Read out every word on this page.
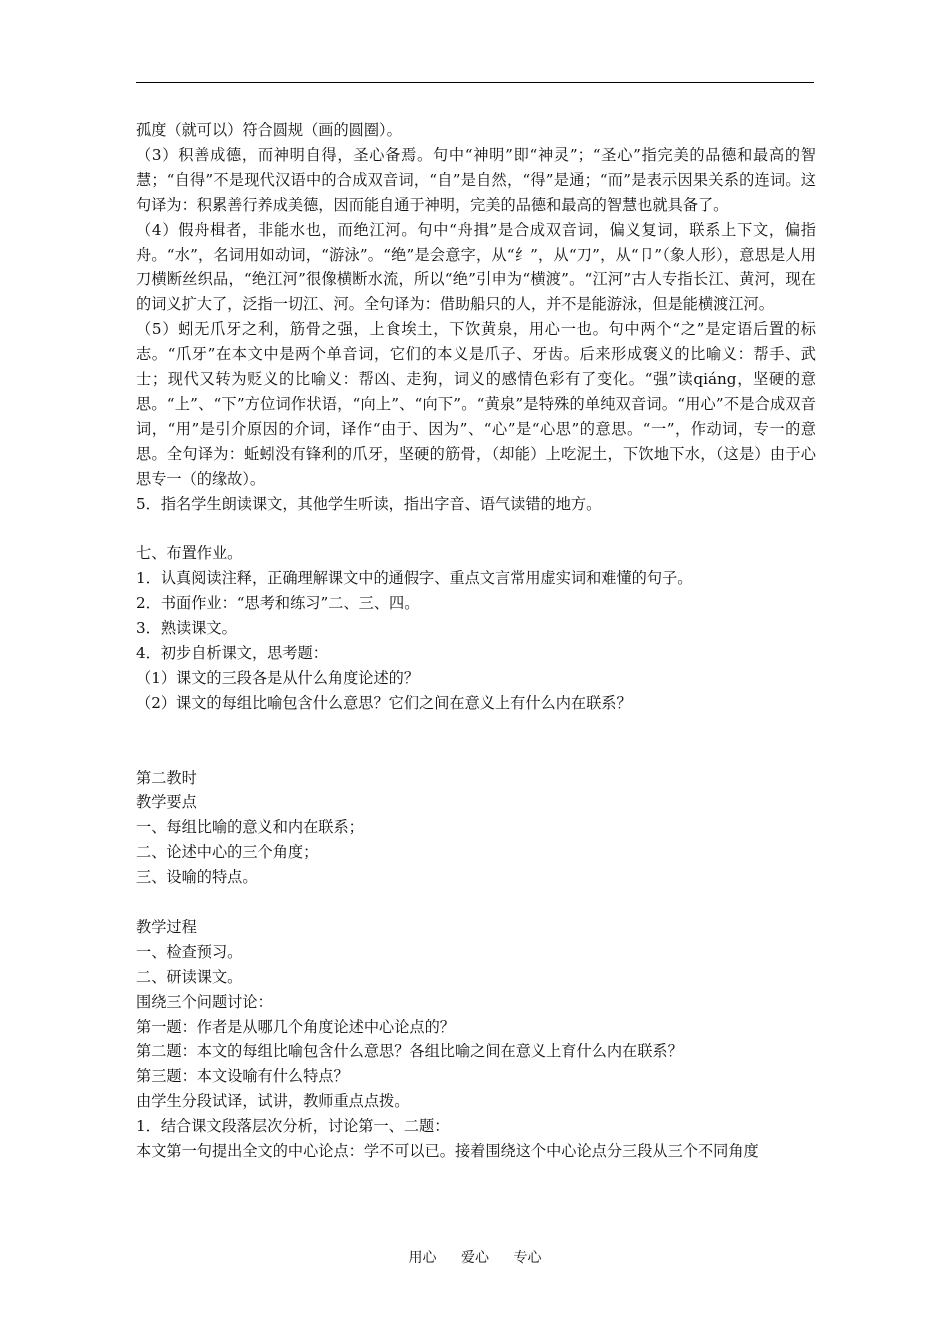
孤度（就可以）符合圆规（画的圆圈）。

（3）积善成德，而神明自得，圣心备焉。句中“神明”即“神灵”；“圣心”指完美的品德和最高的智慧；“自得”不是现代汉语中的合成双音词，“自”是自然，“得”是通；“而”是表示因果关系的连词。这句译为：积累善行养成美德，因而能自通于神明，完美的品德和最高的智慧也就具备了。

（4）假舟楫者，非能水也，而绝江河。句中“舟揖”是合成双音词，偏义复词，联系上下文，偏指舟。“水”，名词用如动词，“游泳”。“绝”是会意字，从“纟”，从“刀”，从“卩”（象人形），意思是人用刀横断丝织品，“绝江河”很像横断水流，所以“绝”引申为“横渡”。“江河”古人专指长江、黄河，现在的词义扩大了，泛指一切江、河。全句译为：借助船只的人，并不是能游泳，但是能横渡江河。

（5）蚓无爪牙之利，筋骨之强，上食埃土，下饮黄泉，用心一也。句中两个“之”是定语后置的标志。“爪牙”在本文中是两个单音词，它们的本义是爪子、牙齿。后来形成褒义的比喻义：帮手、武士；现代又转为贬义的比喻义：帮凶、走狗，词义的感情色彩有了变化。“强”读qiáng，坚硬的意思。“上”、“下”方位词作状语，“向上”、“向下”。“黄泉”是特殊的单纯双音词。“用心”不是合成双音词，“用”是引介原因的介词，译作“由于、因为”、“心”是“心思”的意思。“一”，作动词，专一的意思。全句译为：蚯蚓没有锋利的爪牙，坚硬的筋骨，（却能）上吃泥土，下饮地下水，（这是）由于心思专一（的缘故）。

5．指名学生朗读课文，其他学生听读，指出字音、语气读错的地方。

七、布置作业。

1．认真阅读注释，正确理解课文中的通假字、重点文言常用虚实词和难懂的句子。

2．书面作业：“思考和练习”二、三、四。

3．熟读课文。

4．初步自析课文，思考题：

（1）课文的三段各是从什么角度论述的？

（2）课文的每组比喻包含什么意思？它们之间在意义上有什么内在联系？

第二教时

教学要点

一、每组比喻的意义和内在联系；

二、论述中心的三个角度；

三、设喻的特点。

教学过程

一、检查预习。

二、研读课文。

围绕三个问题讨论：

第一题：作者是从哪几个角度论述中心论点的？

第二题：本文的每组比喻包含什么意思？各组比喻之间在意义上育什么内在联系？

第三题：本文设喻有什么特点？

由学生分段试译，试讲，教师重点点拨。

1．结合课文段落层次分析，讨论第一、二题：

本文第一句提出全文的中心论点：学不可以已。接着围绕这个中心论点分三段从三个不同角度

用心 爱心 专心
